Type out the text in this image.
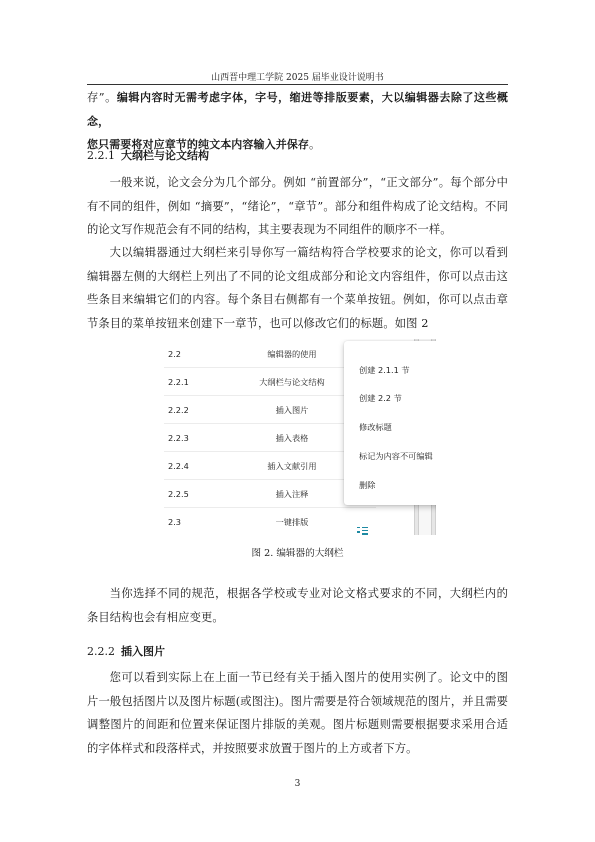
山西晋中理工学院 2025 届毕业设计说明书

存”。编辑内容时无需考虑字体，字号，缩进等排版要素，大以编辑器去除了这些概念，
您只需要将对应章节的纯文本内容输入并保存。

2.2.1 大纲栏与论文结构

一般来说，论文会分为几个部分。例如 “前置部分”，“正文部分”。每个部分中有不同的组件，例如 “摘要”，“绪论”，“章节”。部分和组件构成了论文结构。不同的论文写作规范会有不同的结构，其主要表现为不同组件的顺序不一样。

大以编辑器通过大纲栏来引导你写一篇结构符合学校要求的论文，你可以看到编辑器左侧的大纲栏上列出了不同的论文组成部分和论文内容组件，你可以点击这些条目来编辑它们的内容。每个条目右侧都有一个菜单按钮。例如，你可以点击章节条目的菜单按钮来创建下一章节，也可以修改它们的标题。如图 2

2.2	编辑器的使用
2.2.1	大纲栏与论文结构
2.2.2	插入图片
2.2.3	插入表格
2.2.4	插入文献引用
2.2.5	插入注释
2.3	一键排版
创建 2.1.1 节
创建 2.2 节
修改标题
标记为内容不可编辑
删除
图 2. 编辑器的大纲栏

当你选择不同的规范，根据各学校或专业对论文格式要求的不同，大纲栏内的条目结构也会有相应变更。

2.2.2 插入图片

您可以看到实际上在上面一节已经有关于插入图片的使用实例了。论文中的图片一般包括图片以及图片标题(或图注)。图片需要是符合领域规范的图片，并且需要调整图片的间距和位置来保证图片排版的美观。图片标题则需要根据要求采用合适的字体样式和段落样式，并按照要求放置于图片的上方或者下方。

3
